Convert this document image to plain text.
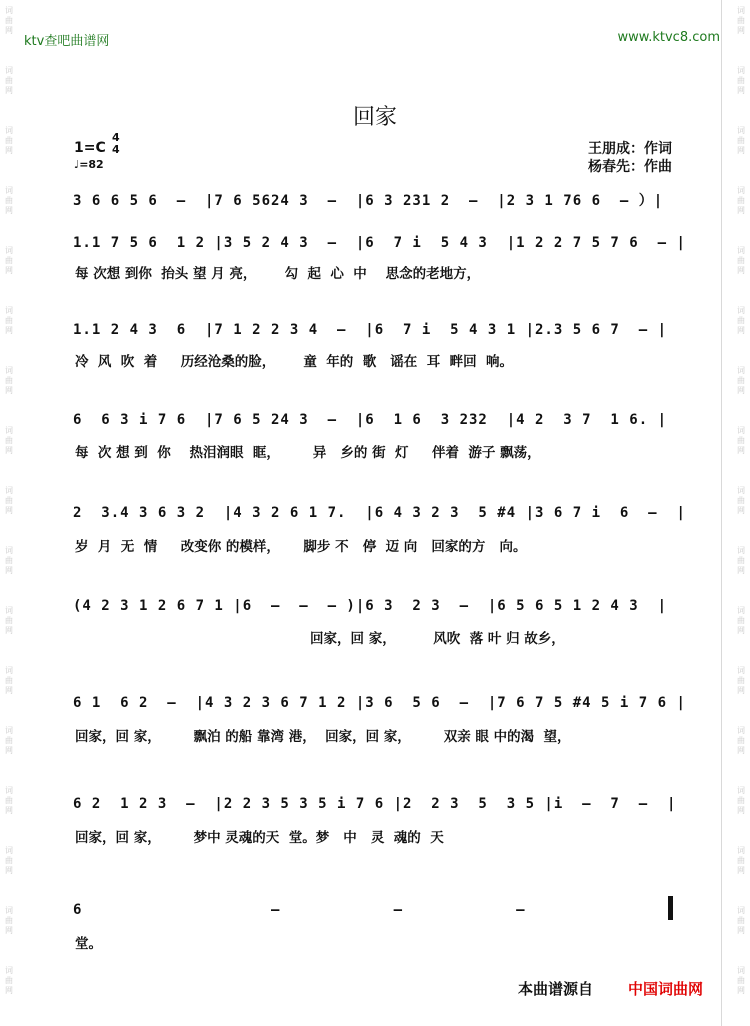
词
曲
网
词
曲
网
词
曲
网
词
曲
网
词
曲
网
词
曲
网
词
曲
网
词
曲
网
词
曲
网
词
曲
网
词
曲
网
词
曲
网
词
曲
网
词
曲
网
词
曲
网
词
曲
网
词
曲
网
词
曲
网
词
曲
网
词
曲
网
词
曲
网
词
曲
网
词
曲
网
词
曲
网
词
曲
网
词
曲
网
词
曲
网
词
曲
网
词
曲
网
词
曲
网
词
曲
网
词
曲
网
词
曲
网
词
曲
网
ktv查吧曲谱网	www.ktvc8.com
回家
1=C
4
4
♩=82
王朋成：作词
杨春先：作曲
3 6 6 5 6  –  |7 6 5624 3  –  |6 3 231 2  –  |2 3 1 76 6  – ）|
1.1 7 5 6  1 2 |3 5 2 4 3  –  |6  7 i  5 4 3  |1 2 2 7 5 7 6  – |
每 次想 到你  抬头 望 月 亮，      勾  起  心  中    思念的老地方，
1.1 2 4 3  6  |7 1 2 2 3 4  –  |6  7 i  5 4 3 1 |2.3 5 6 7  – |
冷  风  吹  着     历经沧桑的脸，      童  年的  歌   谣在  耳  畔回  响。
6  6 3 i 7 6  |7 6 5 24 3  –  |6  1 6  3 232  |4 2  3 7  1 6. |
每  次 想 到  你    热泪润眼  眶，       异   乡的 街  灯     伴着  游子 飘荡，
2  3.4 3 6 3 2  |4 3 2 6 1 7.  |6 4 3 2 3  5 #4 |3 6 7 i  6  –  |
岁  月  无  情     改变你 的模样，     脚步 不   停  迈 向   回家的方   向。
(4 2 3 1 2 6 7 1 |6  –  –  – )|6 3  2 3  –  |6 5 6 5 1 2 4 3  |
回家，回 家，        风吹  落 叶 归 故乡，
6 1  6 2  –  |4 3 2 3 6 7 1 2 |3 6  5 6  –  |7 6 7 5 #4 5 i 7 6 |
回家，回 家，       飘泊 的船 靠湾 港，  回家，回 家，       双亲 眼 中的渴  望，
6 2  1 2 3  –  |2 2 3 5 3 5 i 7 6 |2  2 3  5  3 5 |i  –  7  –  |
回家，回 家，       梦中 灵魂的天  堂。梦   中   灵  魂的  天
6                    –            –            –
堂。
本曲谱源自 中国词曲网
